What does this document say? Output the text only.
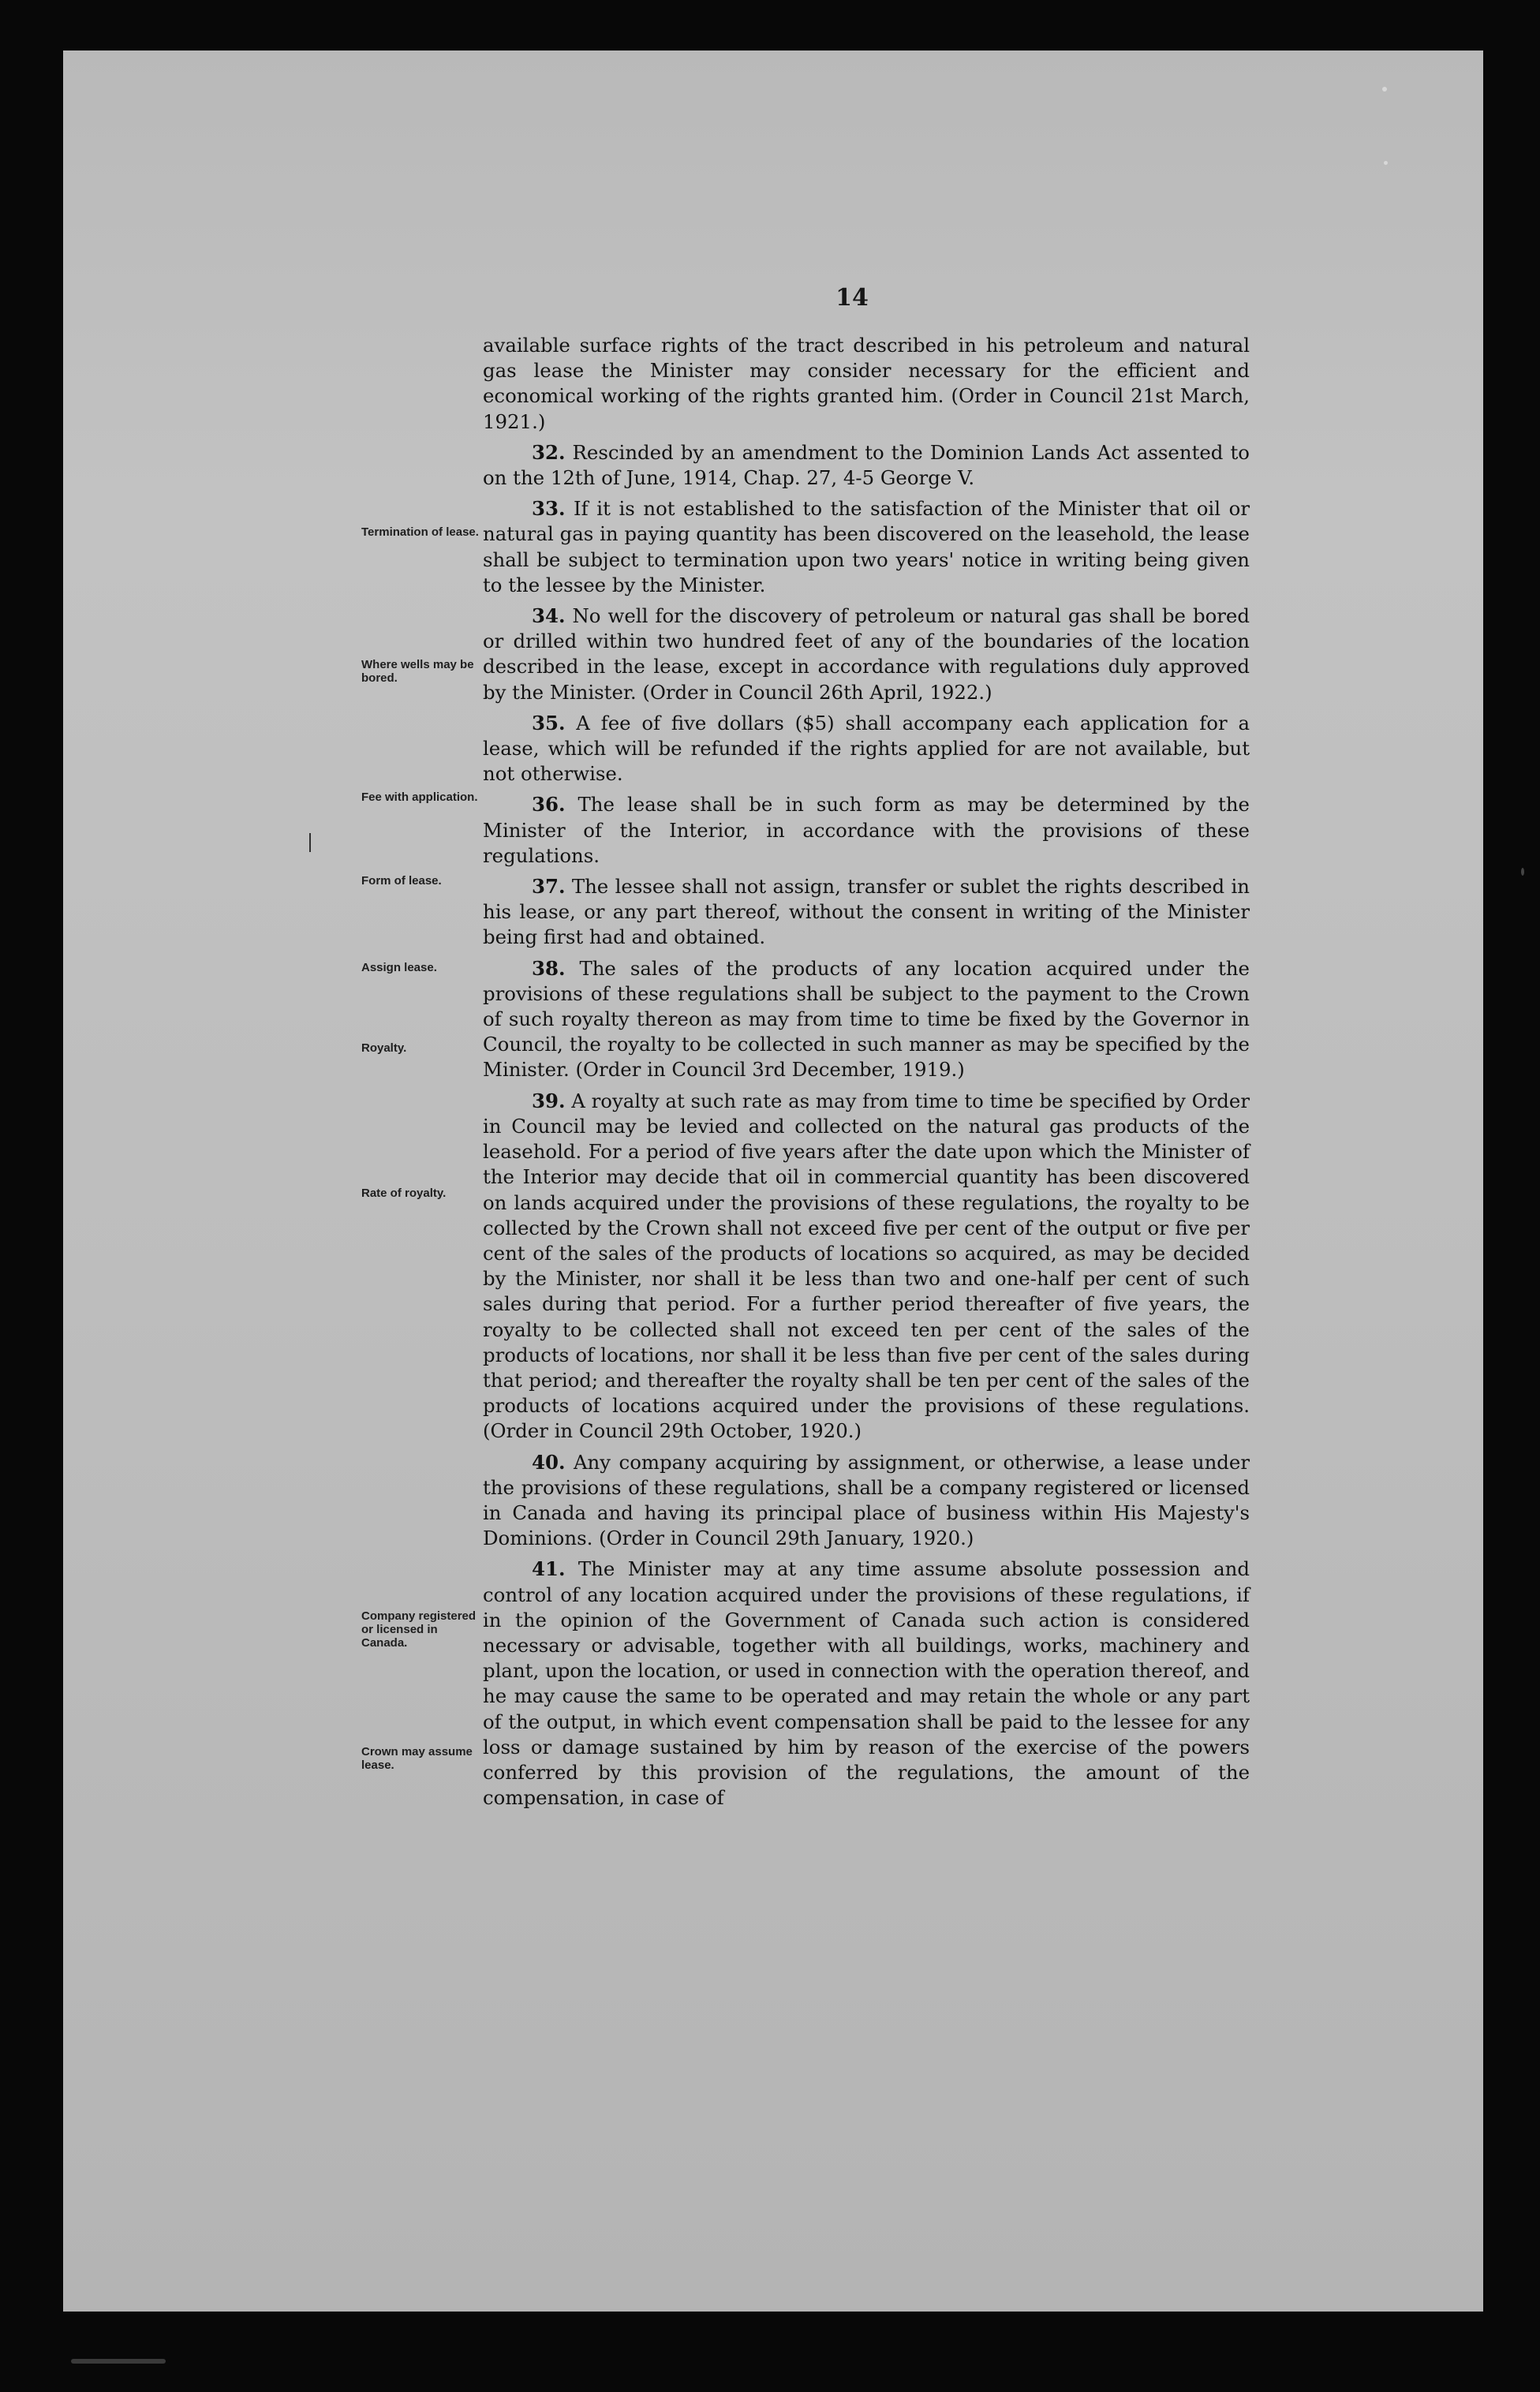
14
Termination of lease.
Where wells may be bored.
Fee with application.
Form of lease.
Assign lease.
Royalty.
Rate of royalty.
Company registered or licensed in Canada.
Crown may assume lease.

available surface rights of the tract described in his petroleum and natural gas lease the Minister may consider necessary for the efficient and economical working of the rights granted him. (Order in Council 21st March, 1921.)

32. Rescinded by an amendment to the Dominion Lands Act assented to on the 12th of June, 1914, Chap. 27, 4-5 George V.

33. If it is not established to the satisfaction of the Minister that oil or natural gas in paying quantity has been discovered on the leasehold, the lease shall be subject to termination upon two years' notice in writing being given to the lessee by the Minister.

34. No well for the discovery of petroleum or natural gas shall be bored or drilled within two hundred feet of any of the boundaries of the location described in the lease, except in accordance with regulations duly approved by the Minister. (Order in Council 26th April, 1922.)

35. A fee of five dollars ($5) shall accompany each application for a lease, which will be refunded if the rights applied for are not available, but not otherwise.

36. The lease shall be in such form as may be determined by the Minister of the Interior, in accordance with the provisions of these regulations.

37. The lessee shall not assign, transfer or sublet the rights described in his lease, or any part thereof, without the consent in writing of the Minister being first had and obtained.

38. The sales of the products of any location acquired under the provisions of these regulations shall be subject to the payment to the Crown of such royalty thereon as may from time to time be fixed by the Governor in Council, the royalty to be collected in such manner as may be specified by the Minister. (Order in Council 3rd December, 1919.)

39. A royalty at such rate as may from time to time be specified by Order in Council may be levied and collected on the natural gas products of the leasehold. For a period of five years after the date upon which the Minister of the Interior may decide that oil in commercial quantity has been discovered on lands acquired under the provisions of these regulations, the royalty to be collected by the Crown shall not exceed five per cent of the output or five per cent of the sales of the products of locations so acquired, as may be decided by the Minister, nor shall it be less than two and one-half per cent of such sales during that period. For a further period thereafter of five years, the royalty to be collected shall not exceed ten per cent of the sales of the products of locations, nor shall it be less than five per cent of the sales during that period; and thereafter the royalty shall be ten per cent of the sales of the products of locations acquired under the provisions of these regulations. (Order in Council 29th October, 1920.)

40. Any company acquiring by assignment, or otherwise, a lease under the provisions of these regulations, shall be a company registered or licensed in Canada and having its principal place of business within His Majesty's Dominions. (Order in Council 29th January, 1920.)

41. The Minister may at any time assume absolute possession and control of any location acquired under the provisions of these regulations, if in the opinion of the Government of Canada such action is considered necessary or advisable, together with all buildings, works, machinery and plant, upon the location, or used in connection with the operation thereof, and he may cause the same to be operated and may retain the whole or any part of the output, in which event compensation shall be paid to the lessee for any loss or damage sustained by him by reason of the exercise of the powers conferred by this provision of the regulations, the amount of the compensation, in case of
